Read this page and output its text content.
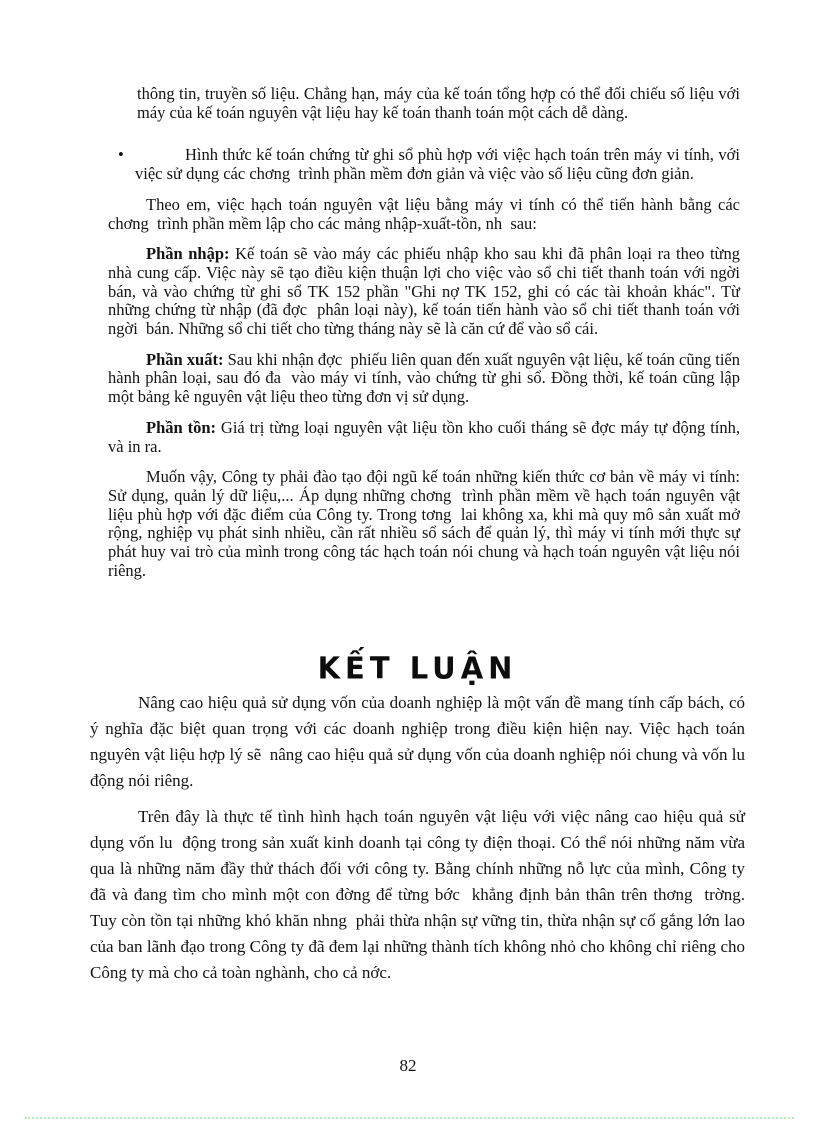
thông tin, truyền số liệu. Chẳng hạn, máy của kế toán tổng hợp có thể đối chiếu số liệu với máy của kế toán nguyên vật liệu hay kế toán thanh toán một cách dễ dàng.

•	Hình thức kế toán chứng từ ghi sổ phù hợp với việc hạch toán trên máy vi tính, với việc sử dụng các chơng  trình phần mềm đơn giản và việc vào số liệu cũng đơn giản.

Theo em, việc hạch toán nguyên vật liệu bằng máy vi tính có thể tiến hành bằng các chơng  trình phần mềm lập cho các mảng nhập-xuất-tồn, nh  sau:

Phần nhập: Kế toán sẽ vào máy các phiếu nhập kho sau khi đã phân loại ra theo từng nhà cung cấp. Việc này sẽ tạo điều kiện thuận lợi cho việc vào sổ chi tiết thanh toán với ngời  bán, và vào chứng từ ghi sổ TK 152 phần "Ghi nợ TK 152, ghi có các tài khoản khác". Từ những chứng từ nhập (đã đợc  phân loại này), kế toán tiến hành vào sổ chi tiết thanh toán với ngời  bán. Những sổ chi tiết cho từng tháng này sẽ là căn cứ để vào sổ cái.

Phần xuất: Sau khi nhận đợc  phiếu liên quan đến xuất nguyên vật liệu, kế toán cũng tiến hành phân loại, sau đó đa  vào máy vi tính, vào chứng từ ghi sổ. Đồng thời, kế toán cũng lập một bảng kê nguyên vật liệu theo từng đơn vị sử dụng.

Phần tồn: Giá trị từng loại nguyên vật liệu tồn kho cuối tháng sẽ đợc máy tự động tính, và in ra.

Muốn vậy, Công ty phải đào tạo đội ngũ kế toán những kiến thức cơ bản về máy vi tính: Sử dụng, quản lý dữ liệu,... Áp dụng những chơng  trình phần mềm về hạch toán nguyên vật liệu phù hợp với đặc điểm của Công ty. Trong tơng  lai không xa, khi mà quy mô sản xuất mở rộng, nghiệp vụ phát sinh nhiều, cần rất nhiều sổ sách để quản lý, thì máy vi tính mới thực sự phát huy vai trò của mình trong công tác hạch toán nói chung và hạch toán nguyên vật liệu nói riêng.

KẾT LUẬN

Nâng cao hiệu quả sử dụng vốn của doanh nghiệp là một vấn đề mang tính cấp bách, có ý nghĩa đặc biệt quan trọng với các doanh nghiệp trong điều kiện hiện nay. Việc hạch toán nguyên vật liệu hợp lý sẽ  nâng cao hiệu quả sử dụng vốn của doanh nghiệp nói chung và vốn lu  động nói riêng.

Trên đây là thực tế tình hình hạch toán nguyên vật liệu với việc nâng cao hiệu quả sử dụng vốn lu  động trong sản xuất kinh doanh tại công ty điện thoại. Có thể nói những năm vừa qua là những năm đầy thử thách đối với công ty. Bằng chính những nỗ lực của mình, Công ty đã và đang tìm cho mình một con đờng để từng bớc  khẳng định bản thân trên thơng  trờng.  Tuy còn tồn tại những khó khăn nhng  phải thừa nhận sự vững tin, thừa nhận sự cố gắng lớn lao của ban lãnh đạo trong Công ty đã đem lại những thành tích không nhỏ cho không chỉ riêng cho Công ty mà cho cả toàn nghành, cho cả nớc.

82
